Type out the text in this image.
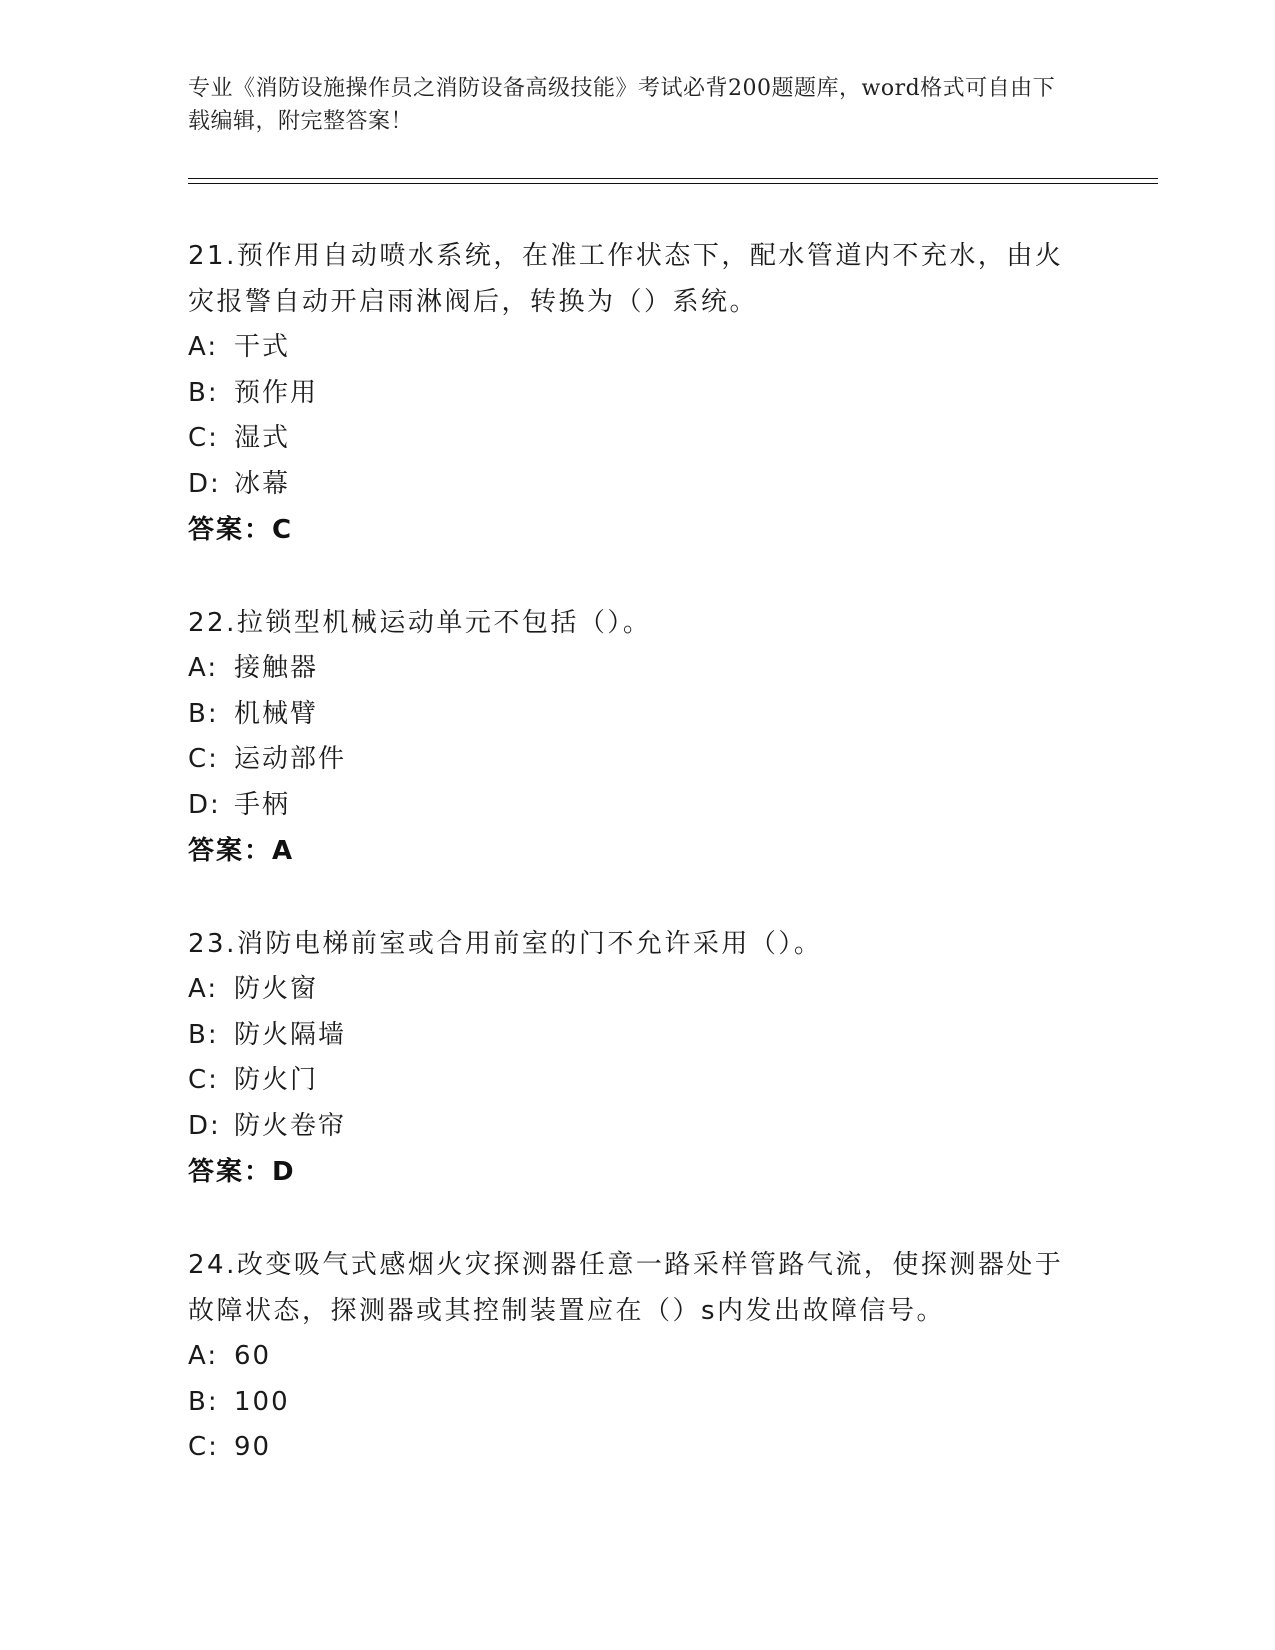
专业《消防设施操作员之消防设备高级技能》考试必背200题题库，word格式可自由下载编辑，附完整答案！
21.预作用自动喷水系统，在准工作状态下，配水管道内不充水，由火灾报警自动开启雨淋阀后，转换为（）系统。
A: 干式
B: 预作用
C: 湿式
D: 冰幕
答案：C
22.拉锁型机械运动单元不包括（）。
A: 接触器
B: 机械臂
C: 运动部件
D: 手柄
答案：A
23.消防电梯前室或合用前室的门不允许采用（）。
A: 防火窗
B: 防火隔墙
C: 防火门
D: 防火卷帘
答案：D
24.改变吸气式感烟火灾探测器任意一路采样管路气流，使探测器处于故障状态，探测器或其控制装置应在（）s内发出故障信号。
A: 60
B: 100
C: 90
